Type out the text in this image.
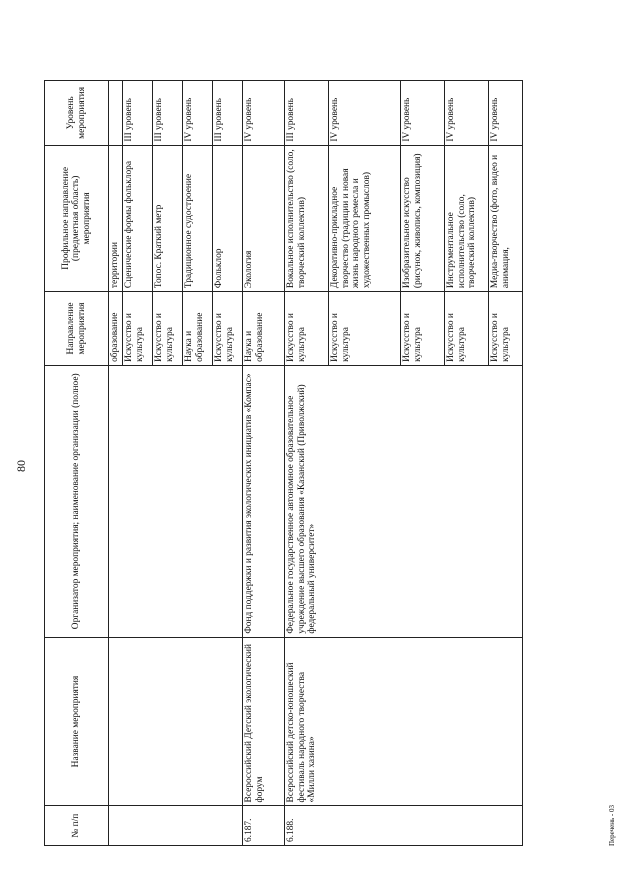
80
№ п/п	Название мероприятия	Организатор мероприятия; наименование организации (полное)	Направление мероприятия	Профильное направление (предметная область) мероприятия	Уровень мероприятия
			образование	территории	
			Искусство и культура	Сценические формы фольклора	III уровень
			Искусство и культура	Топос. Краткий метр	III уровень
			Наука и образование	Традиционное судостроение	IV уровень
			Искусство и культура	Фольклор	III уровень
6.187.	Всероссийский Детский экологический форум	Фонд поддержки и развития экологических инициатив «Компас»	Наука и образование	Экология	IV уровень
6.188.	Всероссийский детско-юношеский фестиваль народного творчества «Милли хазина»	Федеральное государственное автономное образовательное учреждение высшего образования «Казанский (Приволжский) федеральный университет»	Искусство и культура	Вокальное исполнительство (соло, творческий коллектив)	III уровень
			Искусство и культура	Декоративно-прикладное творчество (традиции и новая жизнь народного ремесла и художественных промыслов)	IV уровень
			Искусство и культура	Изобразительное искусство (рисунок, живопись, композиция)	IV уровень
			Искусство и культура	Инструментальное исполнительство (соло, творческий коллектив)	IV уровень
			Искусство и культура	Медиа-творчество (фото, видео и анимация,	IV уровень
Перечень - 03
